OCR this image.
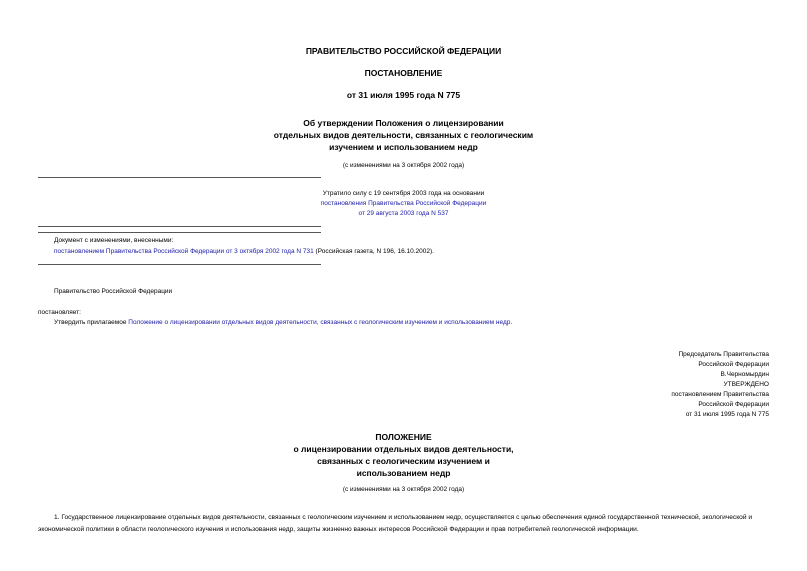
ПРАВИТЕЛЬСТВО РОССИЙСКОЙ ФЕДЕРАЦИИ
ПОСТАНОВЛЕНИЕ
от 31 июля 1995 года N 775
Об утверждении Положения о лицензировании
отдельных видов деятельности, связанных с геологическим
изучением и использованием недр
(с изменениями на 3 октября 2002 года)
Утратило силу с 19 сентября 2003 года на основании
постановления Правительства Российской Федерации
от 29 августа 2003 года N 537
Документ с изменениями, внесенными:
постановлением Правительства Российской Федерации от 3 октября 2002 года N 731 (Российская газета, N 196, 16.10.2002).
Правительство Российской Федерации
постановляет:
Утвердить прилагаемое Положение о лицензировании отдельных видов деятельности, связанных с геологическим изучением и использованием недр.
Председатель Правительства
Российской Федерации
В.Черномырдин
УТВЕРЖДЕНО
постановлением Правительства
Российской Федерации
от 31 июля 1995 года N 775
ПОЛОЖЕНИЕ
о лицензировании отдельных видов деятельности,
связанных с геологическим изучением и
использованием недр
(с изменениями на 3 октября 2002 года)
1. Государственное лицензирование отдельных видов деятельности, связанных с геологическим изучением и использованием недр, осуществляется с целью обеспечения единой государственной технической, экологической и экономической политики в области геологического изучения и использования недр, защиты жизненно важных интересов Российской Федерации и прав потребителей геологической информации.
